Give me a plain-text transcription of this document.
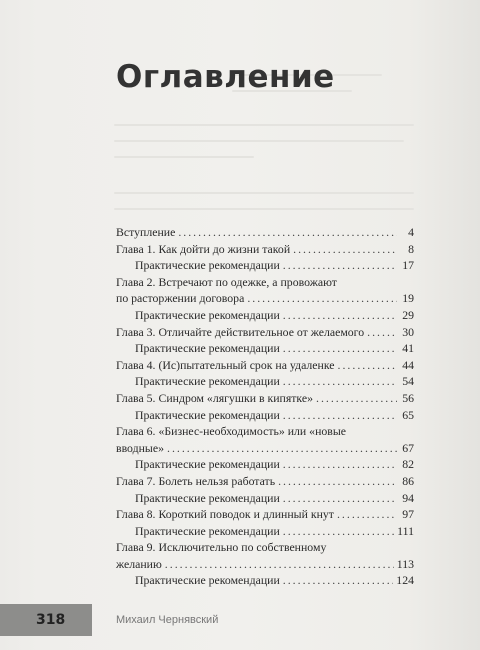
Оглавление
Вступление .....	4
Глава 1. Как дойти до жизни такой .....	8
Практические рекомендации .....	17
Глава 2. Встречают по одежке, а провожают
по расторжении договора .....	19
Практические рекомендации .....	29
Глава 3. Отличайте действительное от желаемого .....	30
Практические рекомендации .....	41
Глава 4. (Ис)пытательный срок на удаленке .....	44
Практические рекомендации .....	54
Глава 5. Синдром «лягушки в кипятке» .....	56
Практические рекомендации .....	65
Глава 6. «Бизнес-необходимость» или «новые
вводные» .....	67
Практические рекомендации .....	82
Глава 7. Болеть нельзя работать .....	86
Практические рекомендации .....	94
Глава 8. Короткий поводок и длинный кнут .....	97
Практические рекомендации .....	111
Глава 9. Исключительно по собственному
желанию .....	113
Практические рекомендации .....	124
318	Михаил Чернявский
